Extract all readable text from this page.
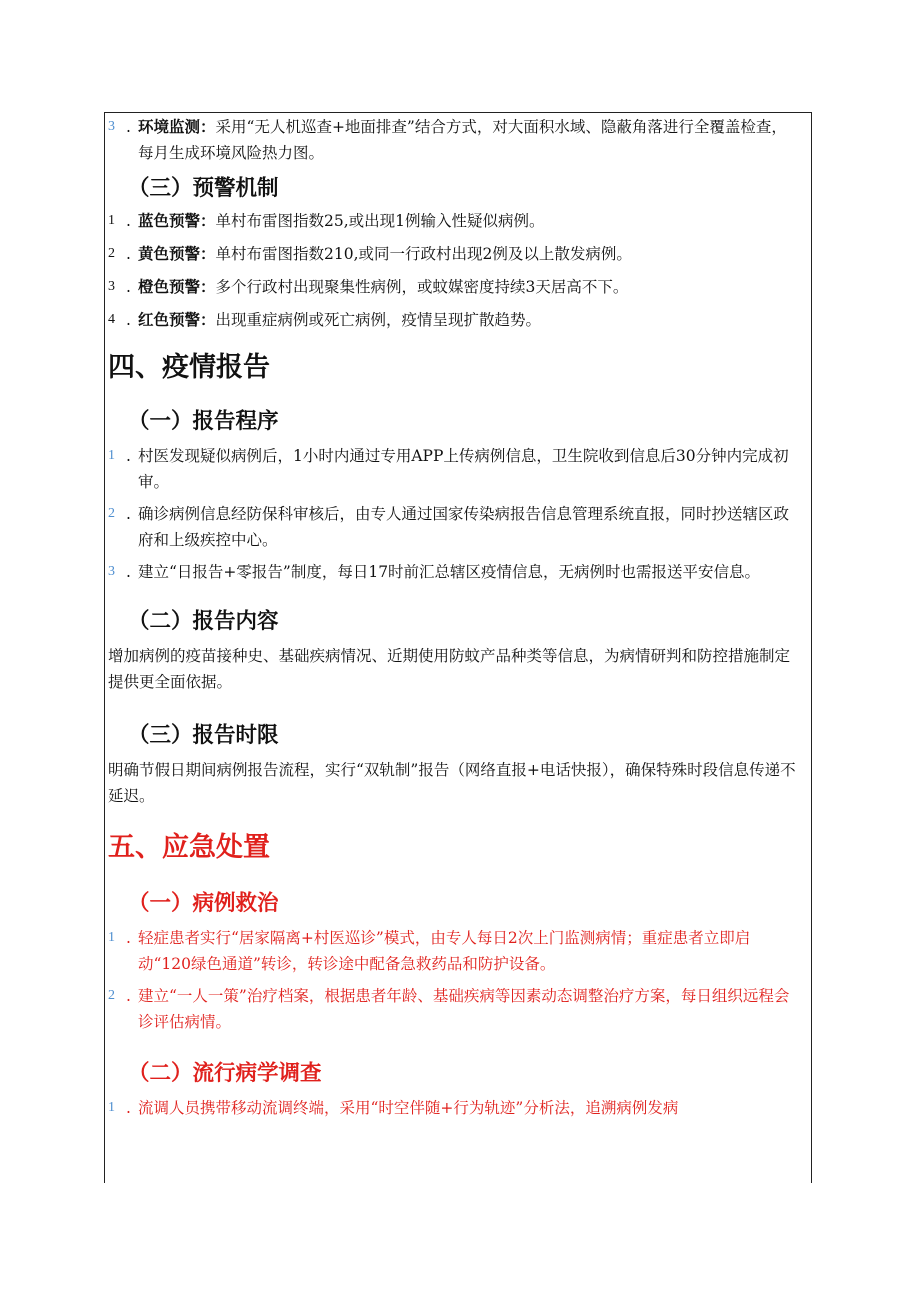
3 . 环境监测：采用“无人机巡查+地面排查”结合方式，对大面积水域、隐蔽角落进行全覆盖检查，每月生成环境风险热力图。

（三）预警机制

1 . 蓝色预警：单村布雷图指数25,或出现1例输入性疑似病例。

2 . 黄色预警：单村布雷图指数210,或同一行政村出现2例及以上散发病例。

3 . 橙色预警：多个行政村出现聚集性病例，或蚊媒密度持续3天居高不下。

4 . 红色预警：出现重症病例或死亡病例，疫情呈现扩散趋势。

四、疫情报告
（一）报告程序

1 . 村医发现疑似病例后，1小时内通过专用APP上传病例信息，卫生院收到信息后30分钟内完成初审。

2 . 确诊病例信息经防保科审核后，由专人通过国家传染病报告信息管理系统直报，同时抄送辖区政府和上级疾控中心。

3 . 建立“日报告+零报告”制度，每日17时前汇总辖区疫情信息，无病例时也需报送平安信息。

（二）报告内容

增加病例的疫苗接种史、基础疾病情况、近期使用防蚊产品种类等信息，为病情研判和防控措施制定提供更全面依据。

（三）报告时限

明确节假日期间病例报告流程，实行“双轨制”报告（网络直报+电话快报），确保特殊时段信息传递不延迟。

五、应急处置
（一）病例救治

1 . 轻症患者实行“居家隔离+村医巡诊”模式，由专人每日2次上门监测病情；重症患者立即启动“120绿色通道”转诊，转诊途中配备急救药品和防护设备。

2 . 建立“一人一策”治疗档案，根据患者年龄、基础疾病等因素动态调整治疗方案，每日组织远程会诊评估病情。

（二）流行病学调查

1 . 流调人员携带移动流调终端，采用“时空伴随+行为轨迹”分析法，追溯病例发病
